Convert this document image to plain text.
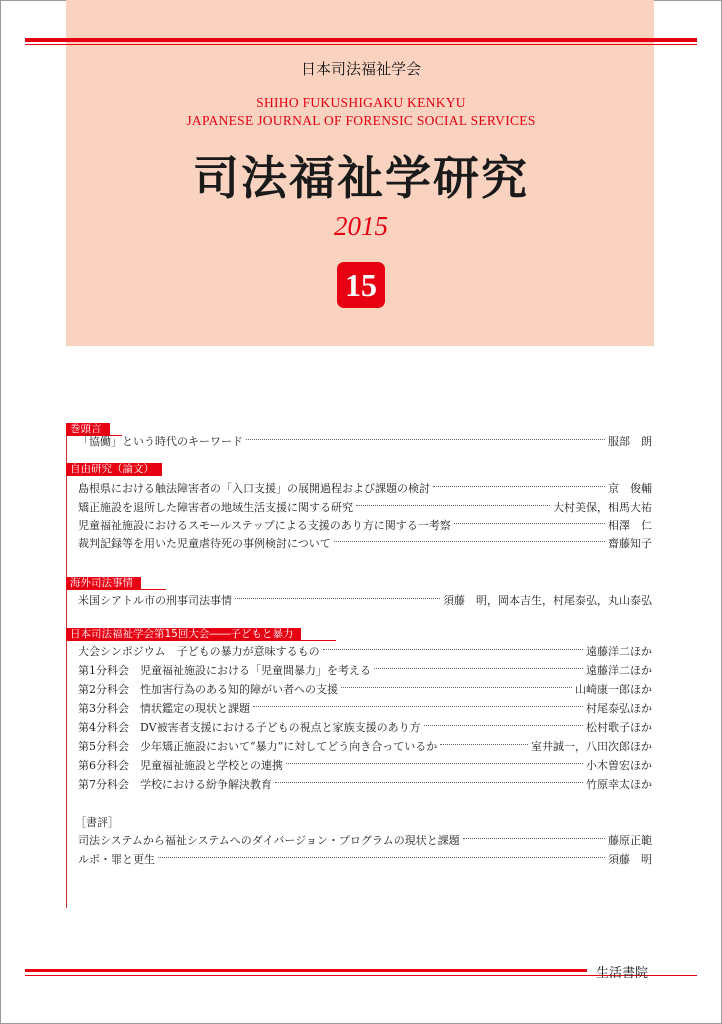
日本司法福祉学会
SHIHO FUKUSHIGAKU KENKYU
JAPANESE JOURNAL OF FORENSIC SOCIAL SERVICES
司法福祉学研究
2015
15
巻頭言
「協働」という時代のキーワード	服部　朗
自由研究（論文）
島根県における触法障害者の「入口支援」の展開過程および課題の検討	京　俊輔
矯正施設を退所した障害者の地域生活支援に関する研究	大村美保，相馬大祐
児童福祉施設におけるスモールステップによる支援のあり方に関する一考察	相澤　仁
裁判記録等を用いた児童虐待死の事例検討について	齋藤知子
海外司法事情
米国シアトル市の刑事司法事情	須藤　明，岡本吉生，村尾泰弘，丸山泰弘
日本司法福祉学会第15回大会――子どもと暴力
大会シンポジウム　子どもの暴力が意味するもの	遠藤洋二ほか
第1分科会　児童福祉施設における「児童間暴力」を考える	遠藤洋二ほか
第2分科会　性加害行為のある知的障がい者への支援	山崎康一郎ほか
第3分科会　情状鑑定の現状と課題	村尾泰弘ほか
第4分科会　DV被害者支援における子どもの視点と家族支援のあり方	松村歌子ほか
第5分科会　少年矯正施設において“暴力”に対してどう向き合っているか	室井誠一，八田次郎ほか
第6分科会　児童福祉施設と学校との連携	小木曽宏ほか
第7分科会　学校における紛争解決教育	竹原幸太ほか
［書評］
司法システムから福祉システムへのダイバージョン・プログラムの現状と課題	藤原正範
ルポ・罪と更生	須藤　明
生活書院
